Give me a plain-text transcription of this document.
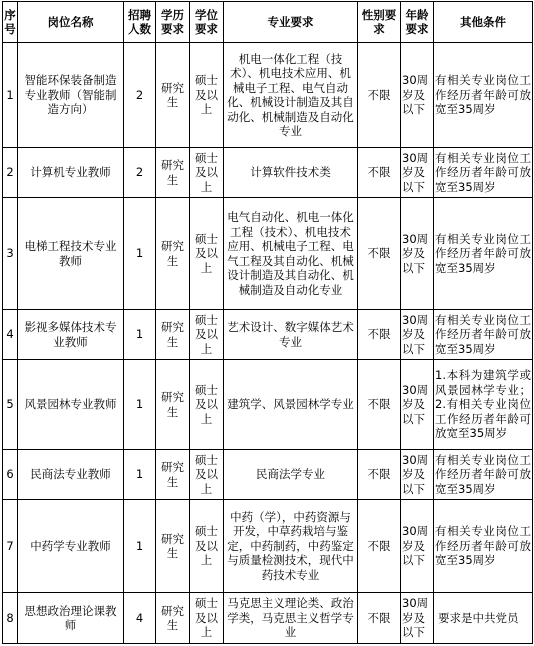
序号	岗位名称	招聘人数	学历要求	学位要求	专业要求	性别要求	年龄要求	其他条件
1	智能环保装备制造专业教师（智能制造方向）	2	研究生	硕士及以上	机电一体化工程（技术）、机电技术应用、机械电子工程、电气自动化、机械设计制造及其自动化、机械制造及自动化专业	不限	30周岁及以下	有相关专业岗位工作经历者年龄可放宽至35周岁
2	计算机专业教师	2	研究生	硕士及以上	计算软件技术类	不限	30周岁及以下	有相关专业岗位工作经历者年龄可放宽至35周岁
3	电梯工程技术专业教师	1	研究生	硕士及以上	电气自动化、机电一体化工程（技术）、机电技术应用、机械电子工程、电气工程及其自动化、机械设计制造及其自动化、机械制造及自动化专业	不限	30周岁及以下	有相关专业岗位工作经历者年龄可放宽至35周岁
4	影视多媒体技术专业教师	1	研究生	硕士及以上	艺术设计、数字媒体艺术专业	不限	30周岁及以下	有相关专业岗位工作经历者年龄可放宽至35周岁
5	风景园林专业教师	1	研究生	硕士及以上	建筑学、风景园林学专业	不限	30周岁及以下	1.本科为建筑学或风景园林学专业；2.有相关专业岗位工作经历者年龄可放宽至35周岁
6	民商法专业教师	1	研究生	硕士及以上	民商法学专业	不限	30周岁及以下	有相关专业岗位工作经历者年龄可放宽至35周岁
7	中药学专业教师	1	研究生	硕士及以上	中药（学），中药资源与开发，中草药栽培与鉴定，中药制药，中药鉴定与质量检测技术，现代中药技术专业	不限	30周岁及以下	有相关专业岗位工作经历者年龄可放宽至35周岁
8	思想政治理论课教师	4	研究生	硕士及以上	马克思主义理论类、政治学类，马克思主义哲学专业	不限	30周岁及以下	要求是中共党员
